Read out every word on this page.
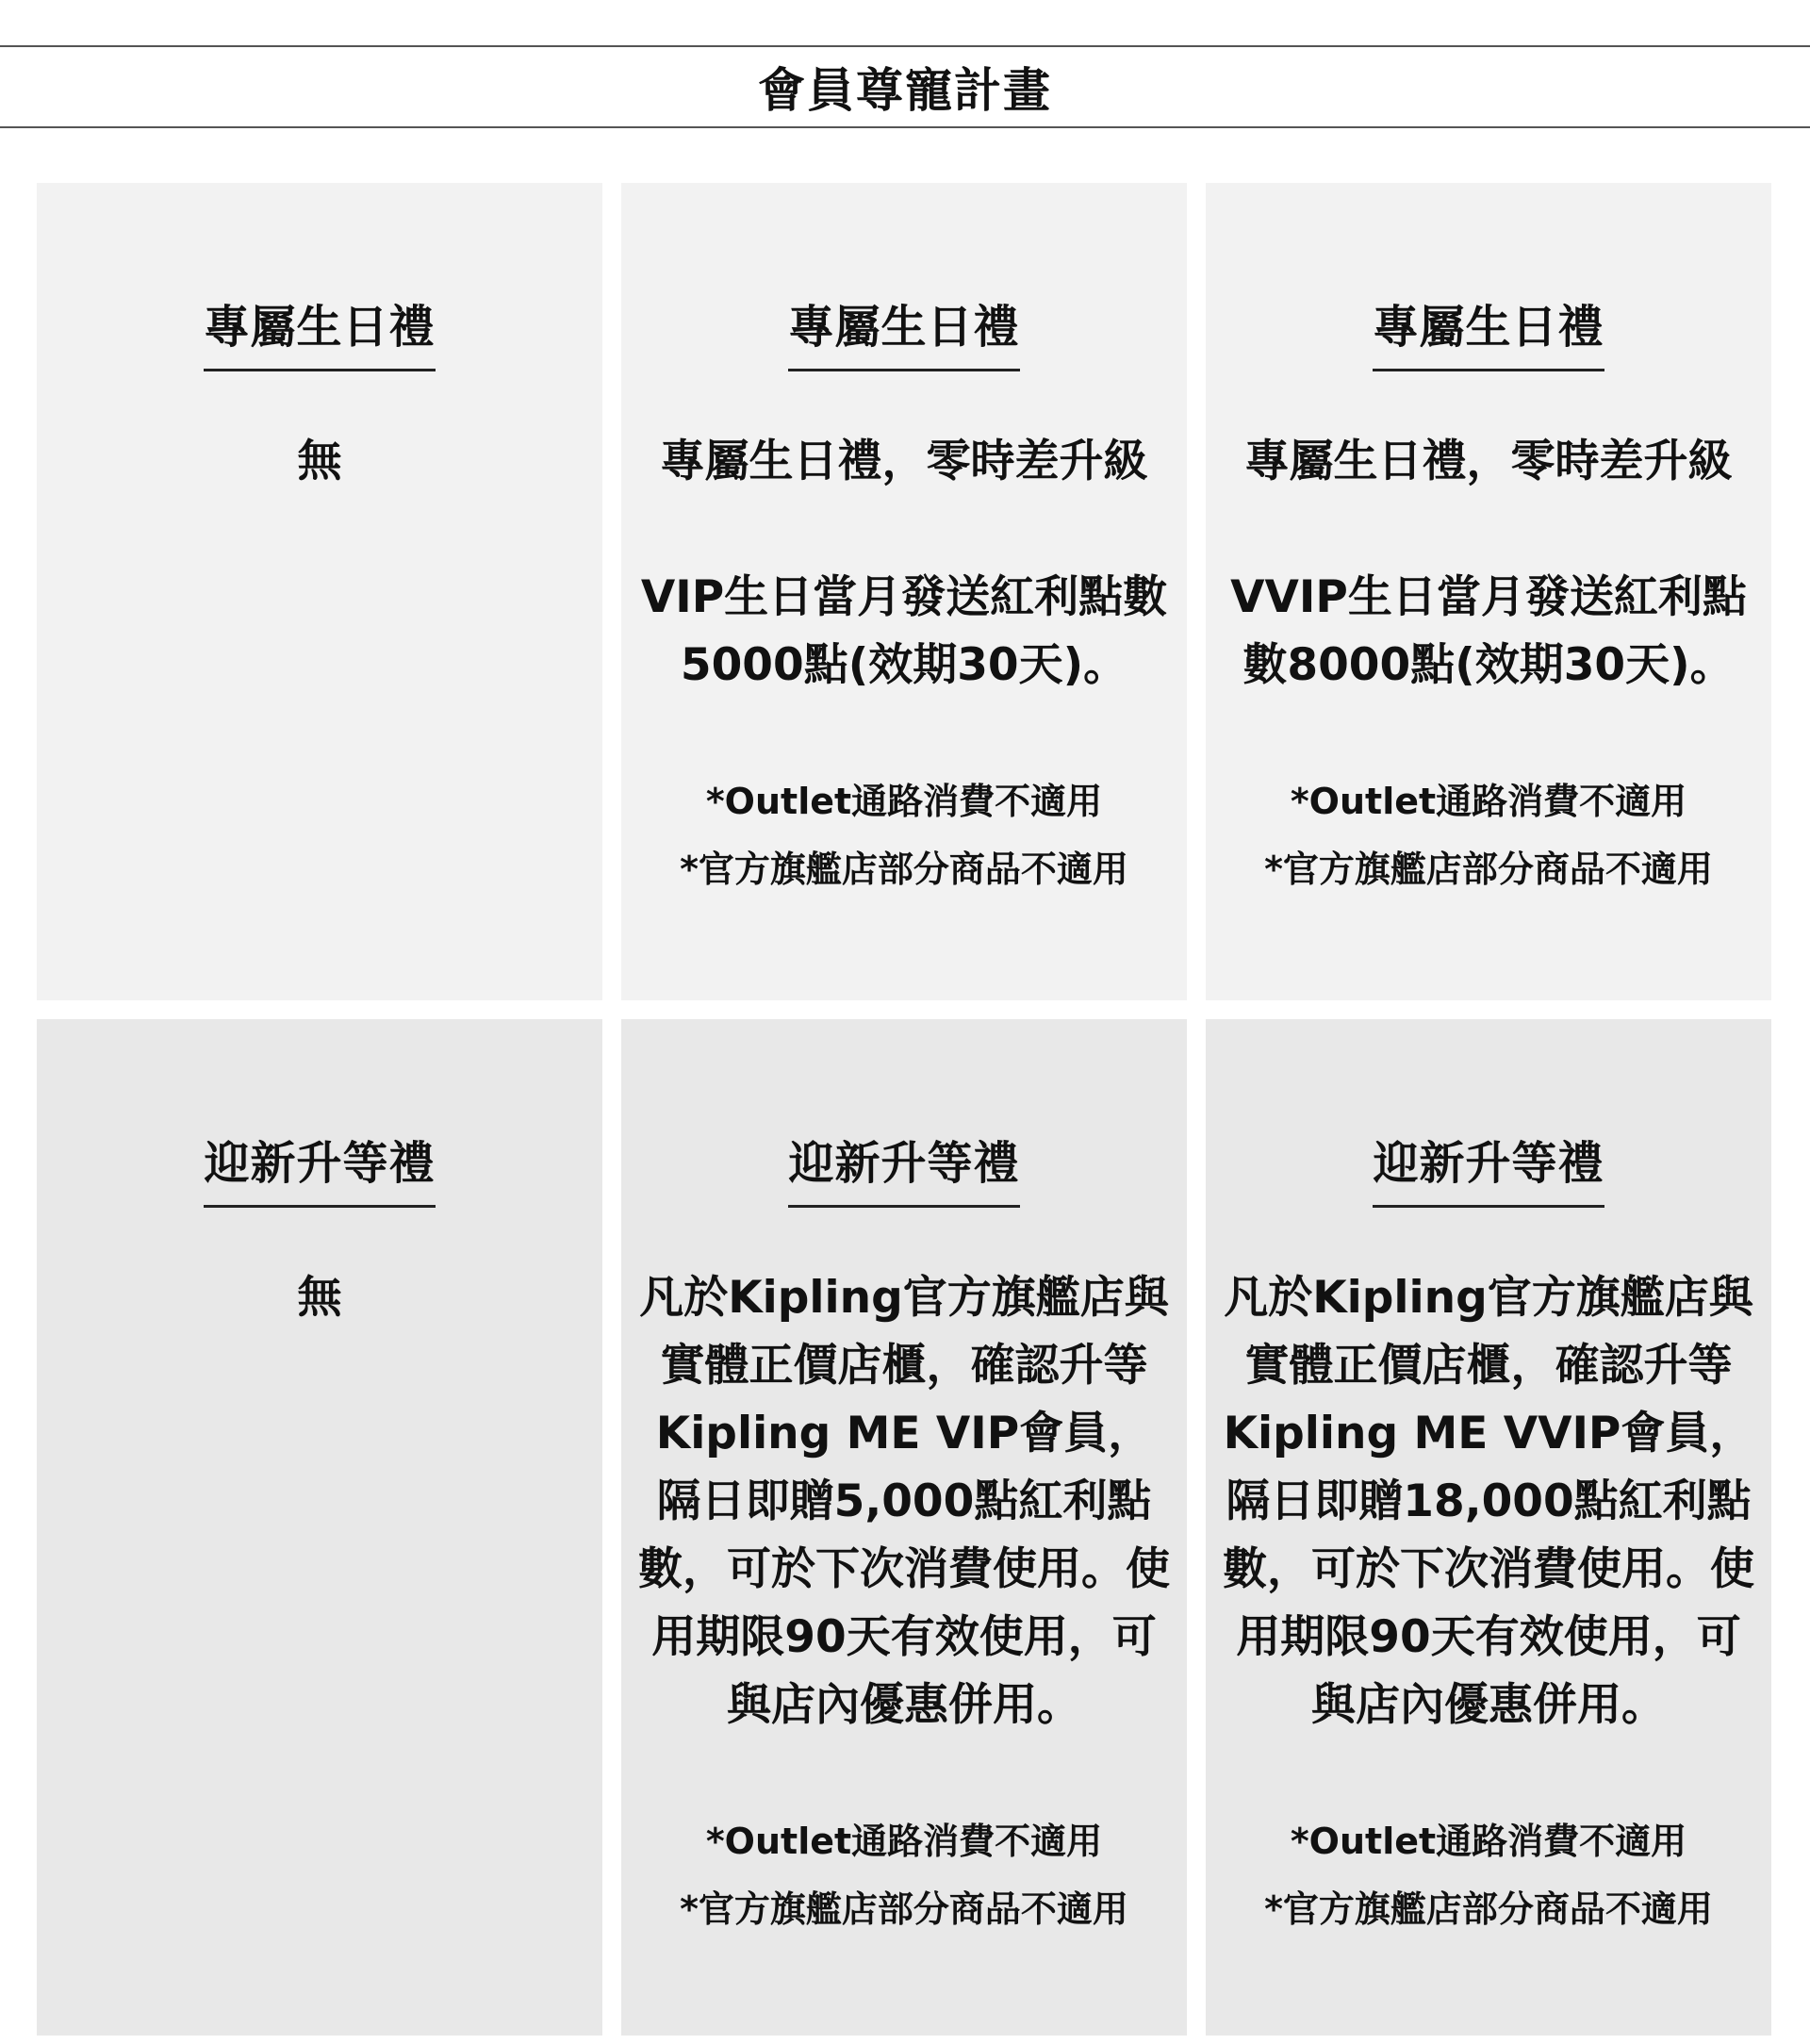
會員尊寵計畫
專屬生日禮

無

專屬生日禮

專屬生日禮，零時差升級

VIP生日當月發送紅利點數5000點(效期30天)。

*Outlet通路消費不適用
*官方旗艦店部分商品不適用
專屬生日禮

專屬生日禮，零時差升級

VVIP生日當月發送紅利點數8000點(效期30天)。

*Outlet通路消費不適用
*官方旗艦店部分商品不適用
迎新升等禮

無

迎新升等禮

凡於Kipling官方旗艦店與實體正價店櫃，確認升等Kipling ME VIP會員，隔日即贈5,000點紅利點數，可於下次消費使用。使用期限90天有效使用，可與店內優惠併用。

*Outlet通路消費不適用
*官方旗艦店部分商品不適用
迎新升等禮

凡於Kipling官方旗艦店與實體正價店櫃，確認升等Kipling ME VVIP會員，隔日即贈18,000點紅利點數，可於下次消費使用。使用期限90天有效使用，可與店內優惠併用。

*Outlet通路消費不適用
*官方旗艦店部分商品不適用
